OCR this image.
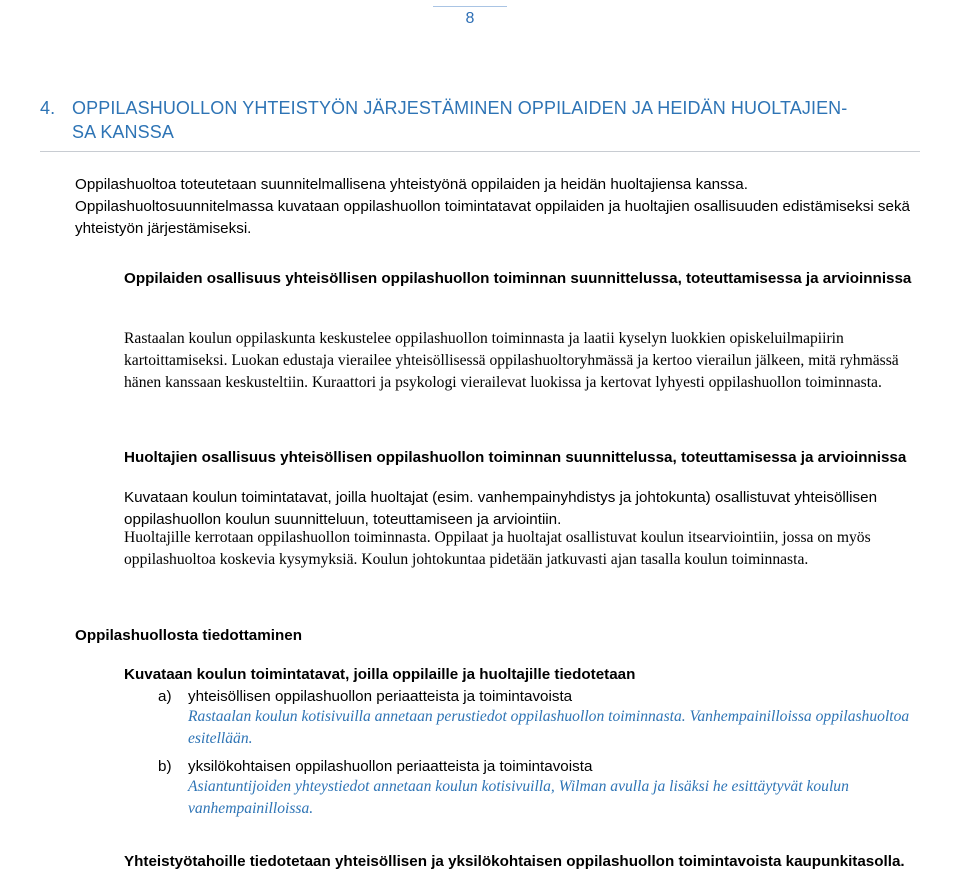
8
4. OPPILASHUOLLON YHTEISTYÖN JÄRJESTÄMINEN OPPILAIDEN JA HEIDÄN HUOLTAJIEN-
SA KANSSA
Oppilashuoltoa toteutetaan suunnitelmallisena yhteistyönä oppilaiden ja heidän huoltajiensa kanssa. Oppilashuoltosuunnitelmassa kuvataan oppilashuollon toimintatavat oppilaiden ja huoltajien osallisuuden edistämiseksi sekä yhteistyön järjestämiseksi.
Oppilaiden osallisuus yhteisöllisen oppilashuollon toiminnan suunnittelussa, toteuttamisessa ja arvioinnissa
Rastaalan koulun oppilaskunta keskustelee oppilashuollon toiminnasta ja laatii kyselyn luokkien opiskeluilmapiirin kartoittamiseksi. Luokan edustaja vierailee yhteisöllisessä oppilashuoltoryhmässä ja kertoo vierailun jälkeen, mitä ryhmässä hänen kanssaan keskusteltiin. Kuraattori ja psykologi vierailevat luokissa ja kertovat lyhyesti oppilashuollon toiminnasta.
Huoltajien osallisuus yhteisöllisen oppilashuollon toiminnan suunnittelussa, toteuttamisessa ja arvioinnissa
Kuvataan koulun toimintatavat, joilla huoltajat (esim. vanhempainyhdistys ja johtokunta) osallistuvat yhteisöllisen oppilashuollon koulun suunnitteluun, toteuttamiseen ja arviointiin.
Huoltajille kerrotaan oppilashuollon toiminnasta. Oppilaat ja huoltajat osallistuvat koulun itsearviointiin, jossa on myös oppilashuoltoa koskevia kysymyksiä. Koulun johtokuntaa pidetään jatkuvasti ajan tasalla koulun toiminnasta.
Oppilashuollosta tiedottaminen
Kuvataan koulun toimintatavat, joilla oppilaille ja huoltajille tiedotetaan
a)	yhteisöllisen oppilashuollon periaatteista ja toimintavoista
Rastaalan koulun kotisivuilla annetaan perustiedot oppilashuollon toiminnasta. Vanhempainilloissa oppilashuoltoa esitellään.
b)	yksilökohtaisen oppilashuollon periaatteista ja toimintavoista
Asiantuntijoiden yhteystiedot annetaan koulun kotisivuilla, Wilman avulla ja lisäksi he esittäytyvät koulun vanhempainilloissa.
Yhteistyötahoille tiedotetaan yhteisöllisen ja yksilökohtaisen oppilashuollon toimintavoista kaupunkitasolla.
